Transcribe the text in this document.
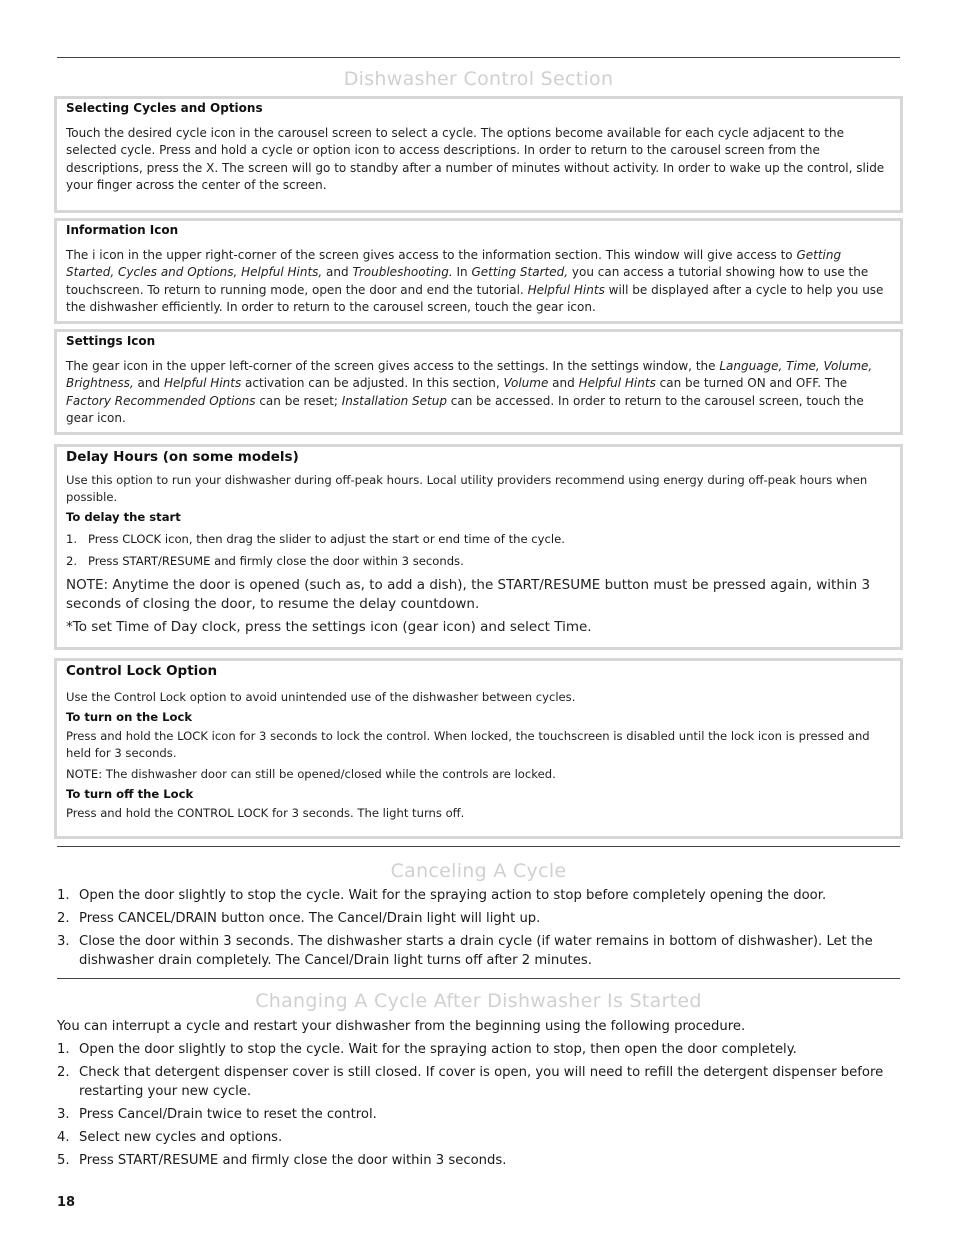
Dishwasher Control Section
Selecting Cycles and Options

Touch the desired cycle icon in the carousel screen to select a cycle. The options become available for each cycle adjacent to the selected cycle. Press and hold a cycle or option icon to access descriptions. In order to return to the carousel screen from the descriptions, press the X. The screen will go to standby after a number of minutes without activity. In order to wake up the control, slide your finger across the center of the screen.

Information Icon

The i icon in the upper right-corner of the screen gives access to the information section. This window will give access to Getting Started, Cycles and Options, Helpful Hints, and Troubleshooting. In Getting Started, you can access a tutorial showing how to use the touchscreen. To return to running mode, open the door and end the tutorial. Helpful Hints will be displayed after a cycle to help you use the dishwasher efficiently. In order to return to the carousel screen, touch the gear icon.

Settings Icon

The gear icon in the upper left-corner of the screen gives access to the settings. In the settings window, the Language, Time, Volume, Brightness, and Helpful Hints activation can be adjusted. In this section, Volume and Helpful Hints can be turned ON and OFF. The Factory Recommended Options can be reset; Installation Setup can be accessed. In order to return to the carousel screen, touch the gear icon.

Delay Hours (on some models)

Use this option to run your dishwasher during off-peak hours. Local utility providers recommend using energy during off-peak hours when possible.

To delay the start
1. Press CLOCK icon, then drag the slider to adjust the start or end time of the cycle.
2. Press START/RESUME and firmly close the door within 3 seconds.

NOTE: Anytime the door is opened (such as, to add a dish), the START/RESUME button must be pressed again, within 3 seconds of closing the door, to resume the delay countdown.

*To set Time of Day clock, press the settings icon (gear icon) and select Time.

Control Lock Option

Use the Control Lock option to avoid unintended use of the dishwasher between cycles.

To turn on the Lock

Press and hold the LOCK icon for 3 seconds to lock the control. When locked, the touchscreen is disabled until the lock icon is pressed and held for 3 seconds.

NOTE: The dishwasher door can still be opened/closed while the controls are locked.

To turn off the Lock

Press and hold the CONTROL LOCK for 3 seconds. The light turns off.

Canceling A Cycle
1. Open the door slightly to stop the cycle. Wait for the spraying action to stop before completely opening the door.
2. Press CANCEL/DRAIN button once. The Cancel/Drain light will light up.
3. Close the door within 3 seconds. The dishwasher starts a drain cycle (if water remains in bottom of dishwasher). Let the dishwasher drain completely. The Cancel/Drain light turns off after 2 minutes.
Changing A Cycle After Dishwasher Is Started

You can interrupt a cycle and restart your dishwasher from the beginning using the following procedure.

1. Open the door slightly to stop the cycle. Wait for the spraying action to stop, then open the door completely.
2. Check that detergent dispenser cover is still closed. If cover is open, you will need to refill the detergent dispenser before restarting your new cycle.
3. Press Cancel/Drain twice to reset the control.
4. Select new cycles and options.
5. Press START/RESUME and firmly close the door within 3 seconds.
18
